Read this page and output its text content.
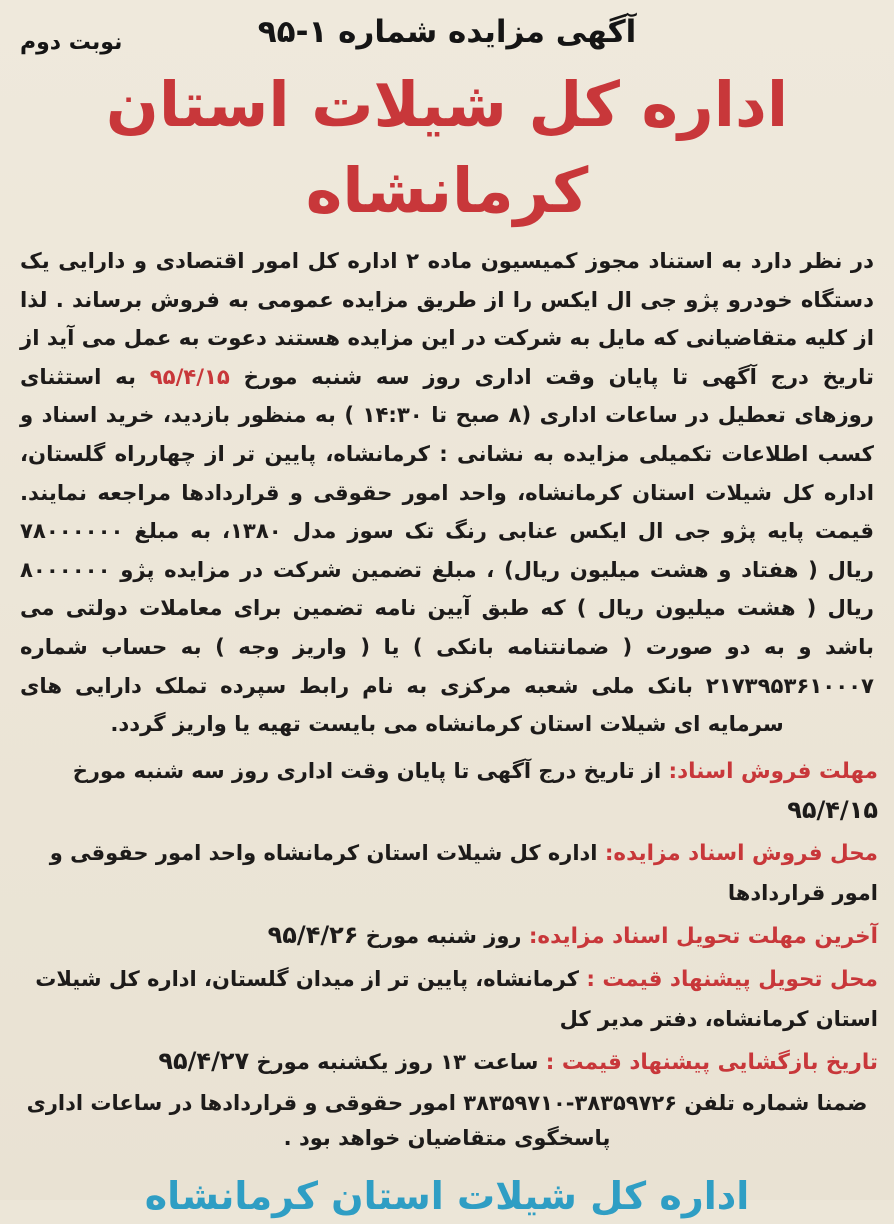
آگهی مزایده شماره ۱-۹۵
نوبت دوم
اداره کل شیلات استان کرمانشاه

در نظر دارد به استناد مجوز کمیسیون ماده ۲ اداره کل امور اقتصادی و دارایی یک دستگاه خودرو پژو جی ال ایکس را از طریق مزایده عمومی به فروش برساند . لذا از کلیه متقاضیانی که مایل به شرکت در این مزایده هستند دعوت به عمل می آید از تاریخ درج آگهی تا پایان وقت اداری روز سه شنبه مورخ ۹۵/۴/۱۵ به استثنای روزهای تعطیل در ساعات اداری (۸ صبح تا ۱۴:۳۰ ) به منظور بازدید، خرید اسناد و کسب اطلاعات تکمیلی مزایده به نشانی : کرمانشاه، پایین تر از چهارراه گلستان، اداره کل شیلات استان کرمانشاه، واحد امور حقوقی و قراردادها مراجعه نمایند. قیمت پایه پژو جی ال ایکس عنابی رنگ تک سوز مدل ۱۳۸۰، به مبلغ ۷۸۰۰۰۰۰۰ ریال ( هفتاد و هشت میلیون ریال) ، مبلغ تضمین شرکت در مزایده پژو ۸۰۰۰۰۰۰ ریال ( هشت میلیون ریال ) که طبق آیین نامه تضمین برای معاملات دولتی می باشد و به دو صورت ( ضمانتنامه بانکی ) یا ( واریز وجه ) به حساب شماره ۲۱۷۳۹۵۳۶۱۰۰۰۷ بانک ملی شعبه مرکزی به نام رابط سپرده تملک دارایی های سرمایه ای شیلات استان کرمانشاه می بایست تهیه یا واریز گردد.

مهلت فروش اسناد: از تاریخ درج آگهی تا پایان وقت اداری روز سه شنبه مورخ ۹۵/۴/۱۵

محل فروش اسناد مزایده: اداره کل شیلات استان کرمانشاه واحد امور حقوقی و امور قراردادها

آخرین مهلت تحویل اسناد مزایده: روز شنبه مورخ ۹۵/۴/۲۶

محل تحویل پیشنهاد قیمت : کرمانشاه، پایین تر از میدان گلستان، اداره کل شیلات استان کرمانشاه، دفتر مدیر کل

تاریخ بازگشایی پیشنهاد قیمت : ساعت ۱۳ روز یکشنبه مورخ ۹۵/۴/۲۷

ضمنا شماره تلفن ۳۸۳۵۹۷۲۶-۳۸۳۵۹۷۱۰ امور حقوقی و قراردادها در ساعات اداری پاسخگوی متقاضیان خواهد بود .

اداره کل شیلات استان کرمانشاه
